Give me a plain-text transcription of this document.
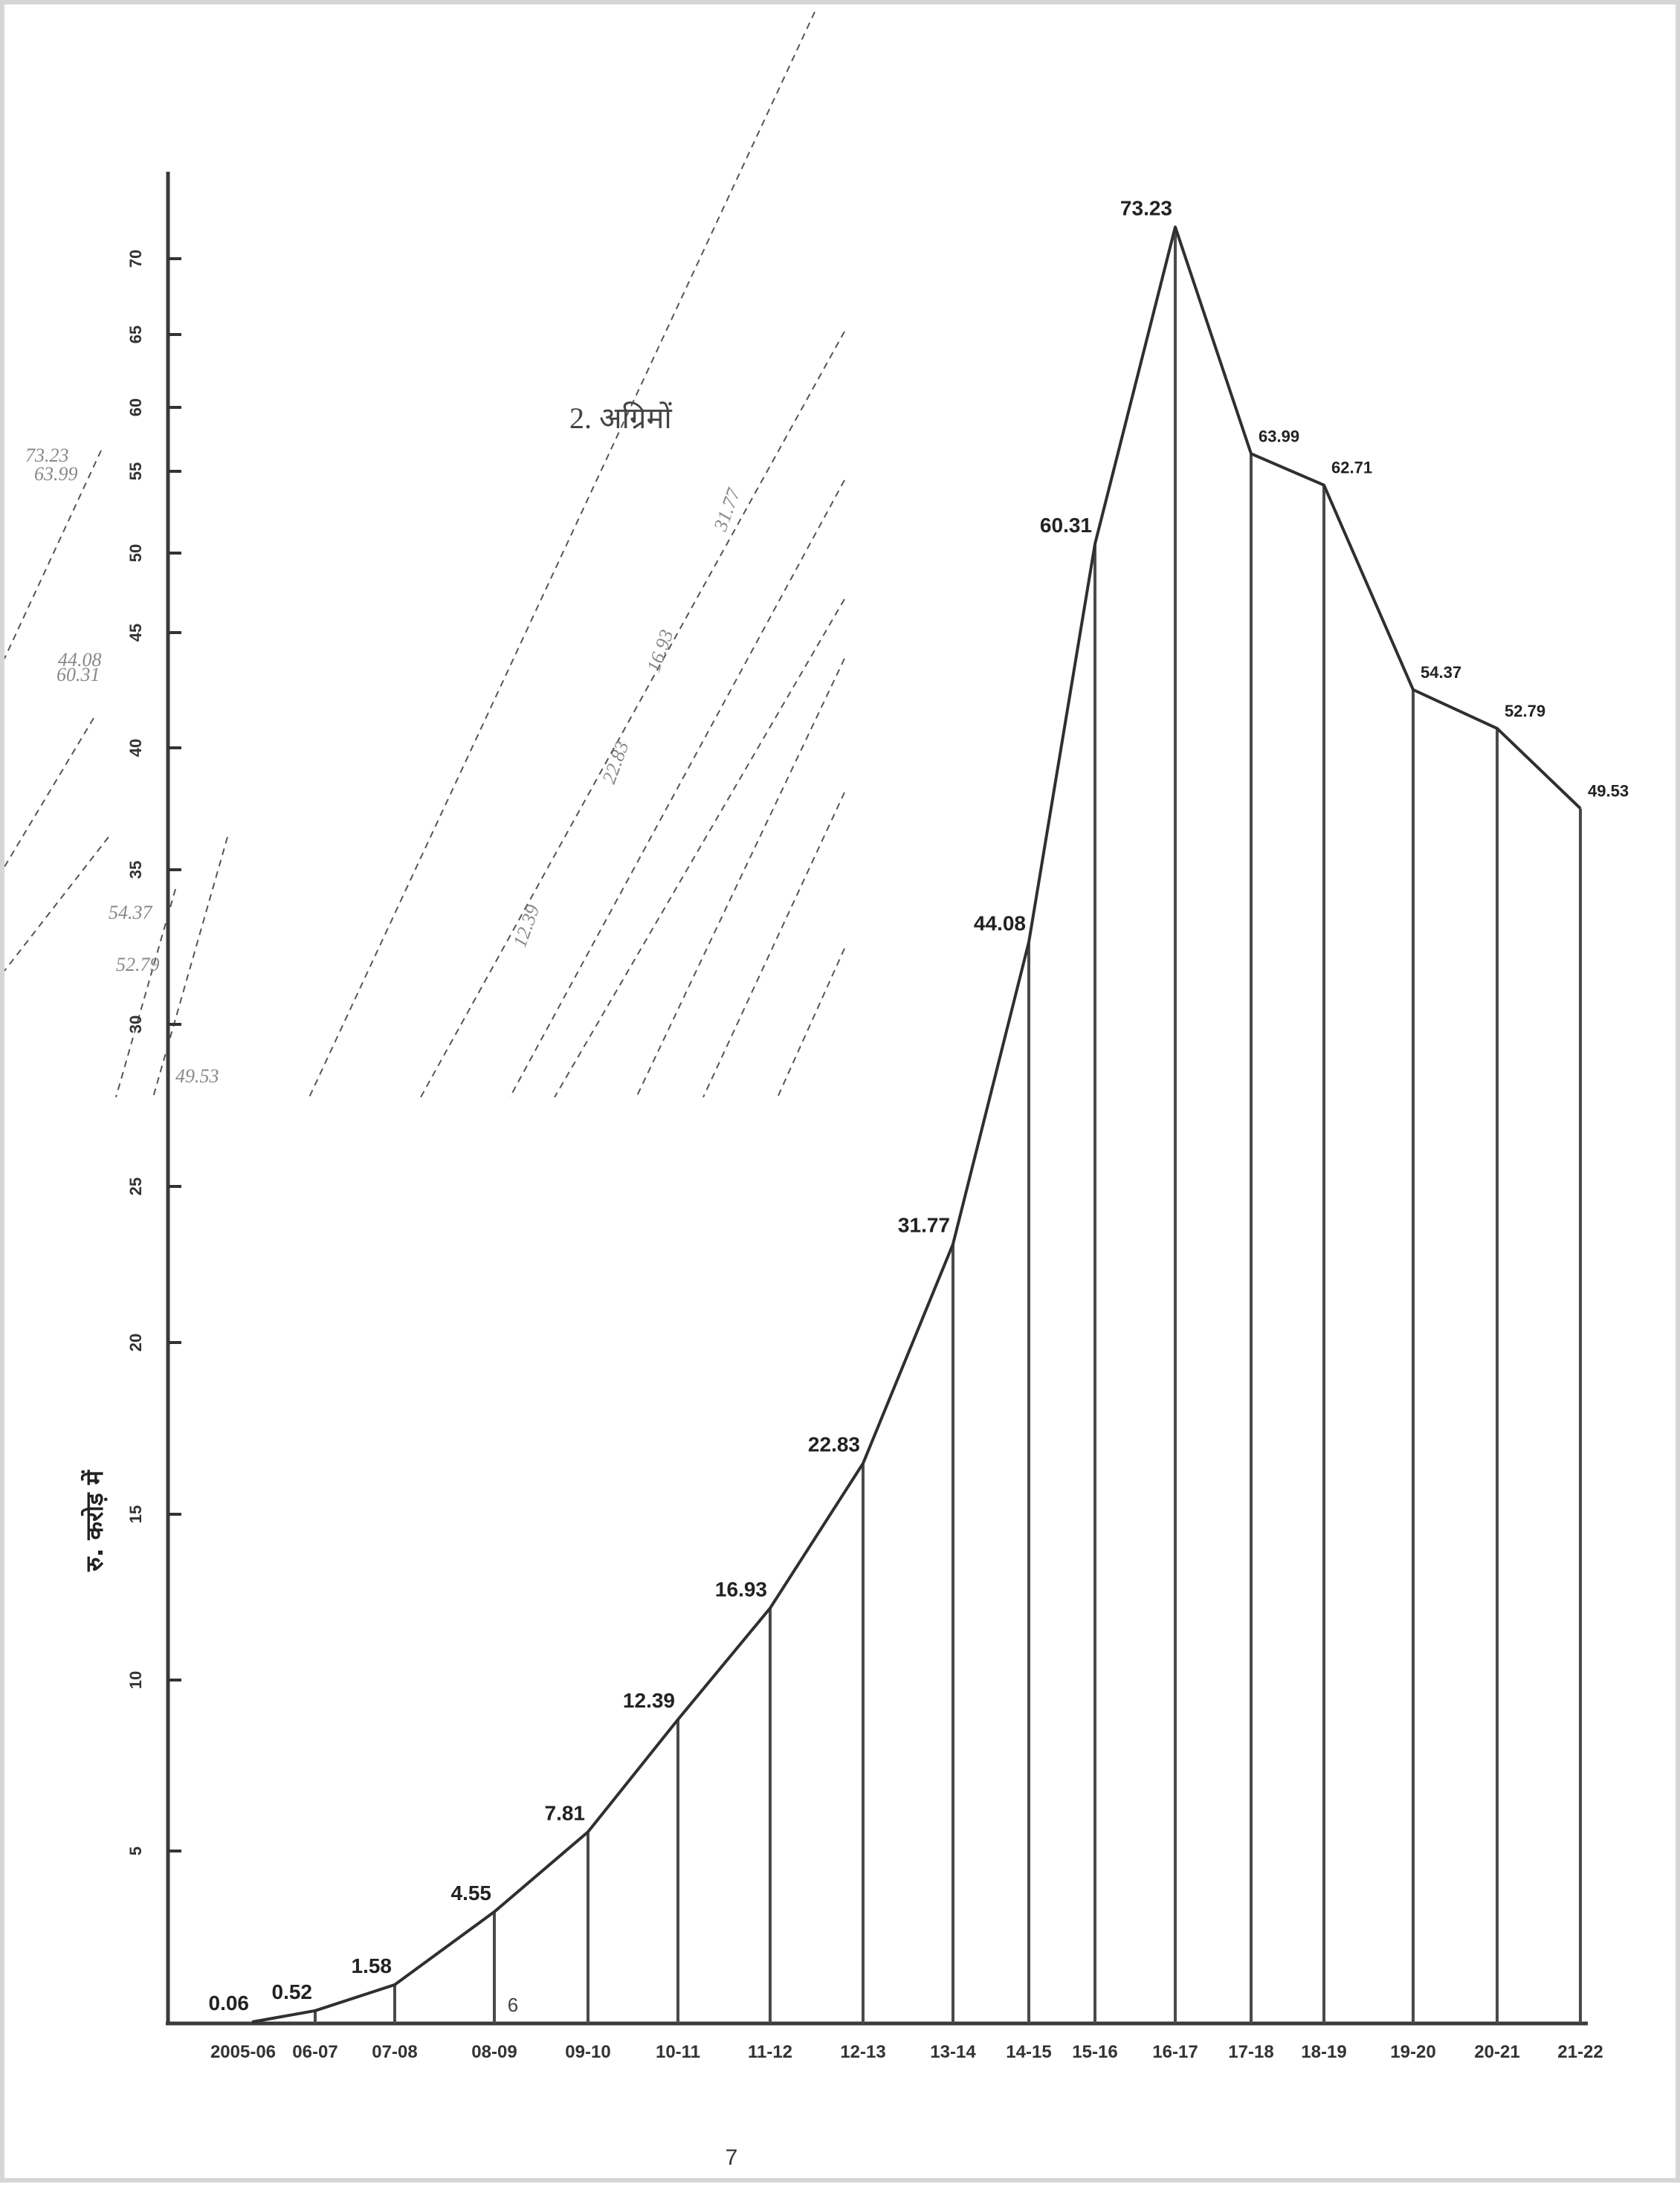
2. अग्रिमों
73.23
63.99
44.08
60.31
54.37
52.79
49.53
31.77
16.93
22.83
12.39
रु. करोड़ में
5
10
15
20
25
30
35
40
45
50
55
60
65
70
0.06 0.52
1.58
4.55
7.81
12.39
16.93
22.83
31.77
44.08
60.31
73.23
63.99
62.71
54.37
52.79
49.53
2005-06 06-07 07-08	08-09	09-10	10-11	11-12	12-13 13-14 14-15 15-16 16-17 17-18 18-19 19-20 20-21 21-22
6
7
